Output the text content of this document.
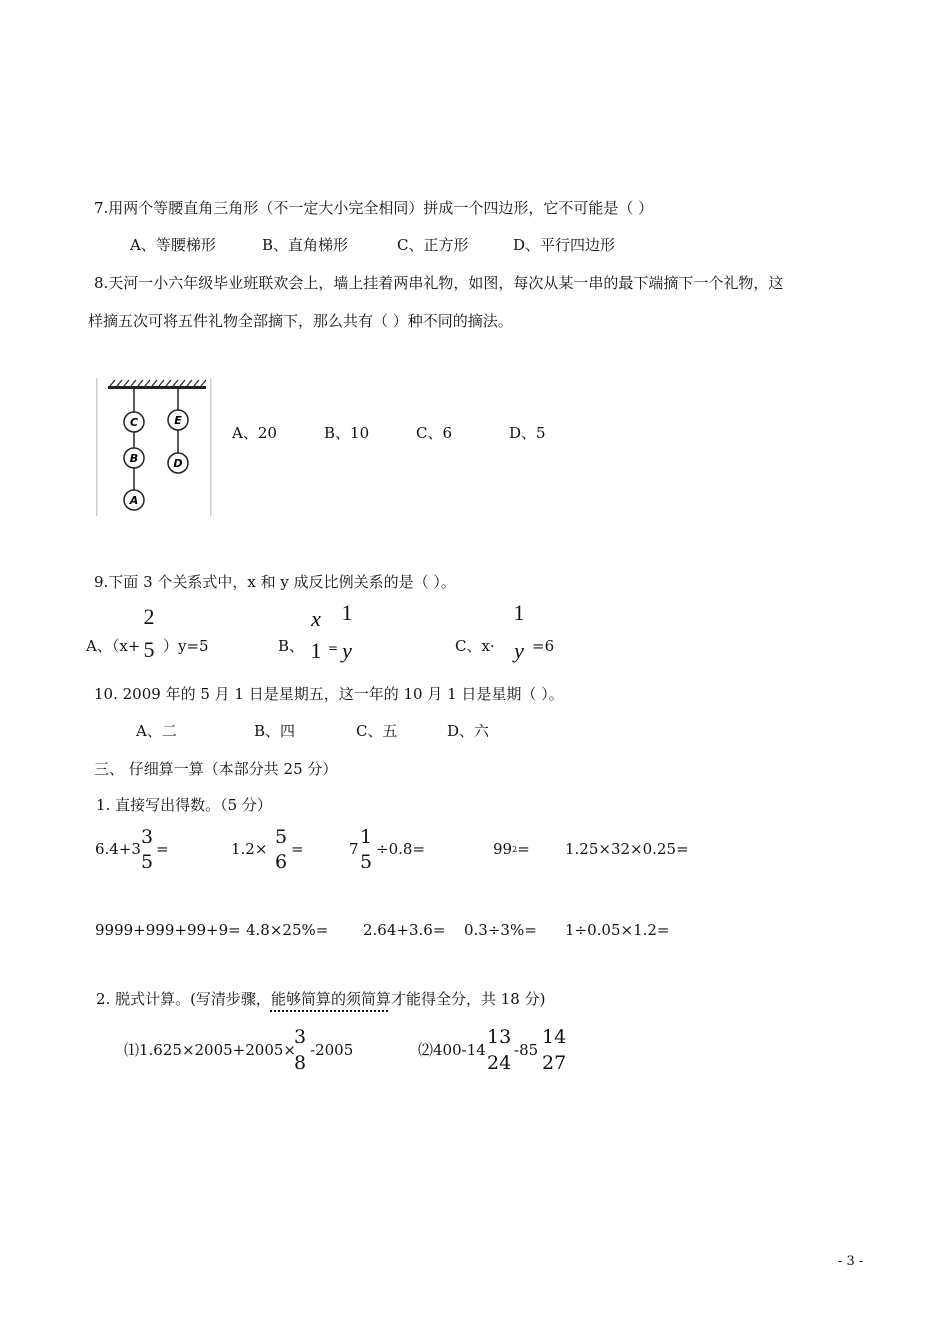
7.用两个等腰直角三角形（不一定大小完全相同）拼成一个四边形，它不可能是（ ）
A、等腰梯形	B、直角梯形	C、正方形	D、平行四边形
8.天河一小六年级毕业班联欢会上，墙上挂着两串礼物，如图，每次从某一串的最下端摘下一个礼物，这
样摘五次可将五件礼物全部摘下，那么共有（ ）种不同的摘法。
C
B
A
E
D
A、20	B、10	C、6	D、5
9.下面 3 个关系式中，x 和 y 成反比例关系的是（ ）。
A、（x+
2
5 ）y=5	B、
x
1 =
1
y	C、x·
1
y =6
10. 2009 年的 5 月 1 日是星期五，这一年的 10 月 1 日是星期（ ）。
A、二	B、四	C、五	D、六
三、 仔细算一算（本部分共 25 分）
1. 直接写出得数。（5 分）
6.4+3
3
5
=	1.2×
5
6
=	7
1
5
÷0.8=	$99^2= 1.25\times 32\times 0.25=$
9999+999+99+9= 4.8×25%= 2.64+3.6= 0.3÷3%= 1÷0.05×1.2=
2. 脱式计算。(写清步骤，能够简算的须简算才能得全分，共 18 分)
⑴1.625×2005+2005×
3
8
-2005	⑵400-14
13
24
-85
14
27
- 3 -
